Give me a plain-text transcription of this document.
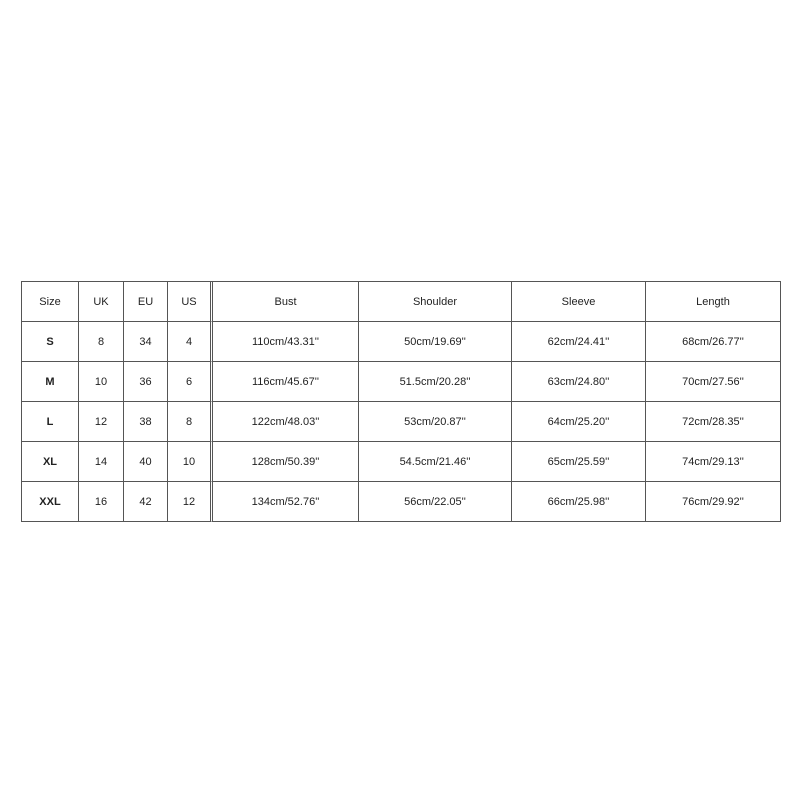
Size	UK	EU	US	Bust	Shoulder	Sleeve	Length
S	8	34	4	110cm/43.31''	50cm/19.69''	62cm/24.41''	68cm/26.77''
M	10	36	6	116cm/45.67''	51.5cm/20.28''	63cm/24.80''	70cm/27.56''
L	12	38	8	122cm/48.03''	53cm/20.87''	64cm/25.20''	72cm/28.35''
XL	14	40	10	128cm/50.39''	54.5cm/21.46''	65cm/25.59''	74cm/29.13''
XXL	16	42	12	134cm/52.76''	56cm/22.05''	66cm/25.98''	76cm/29.92''
